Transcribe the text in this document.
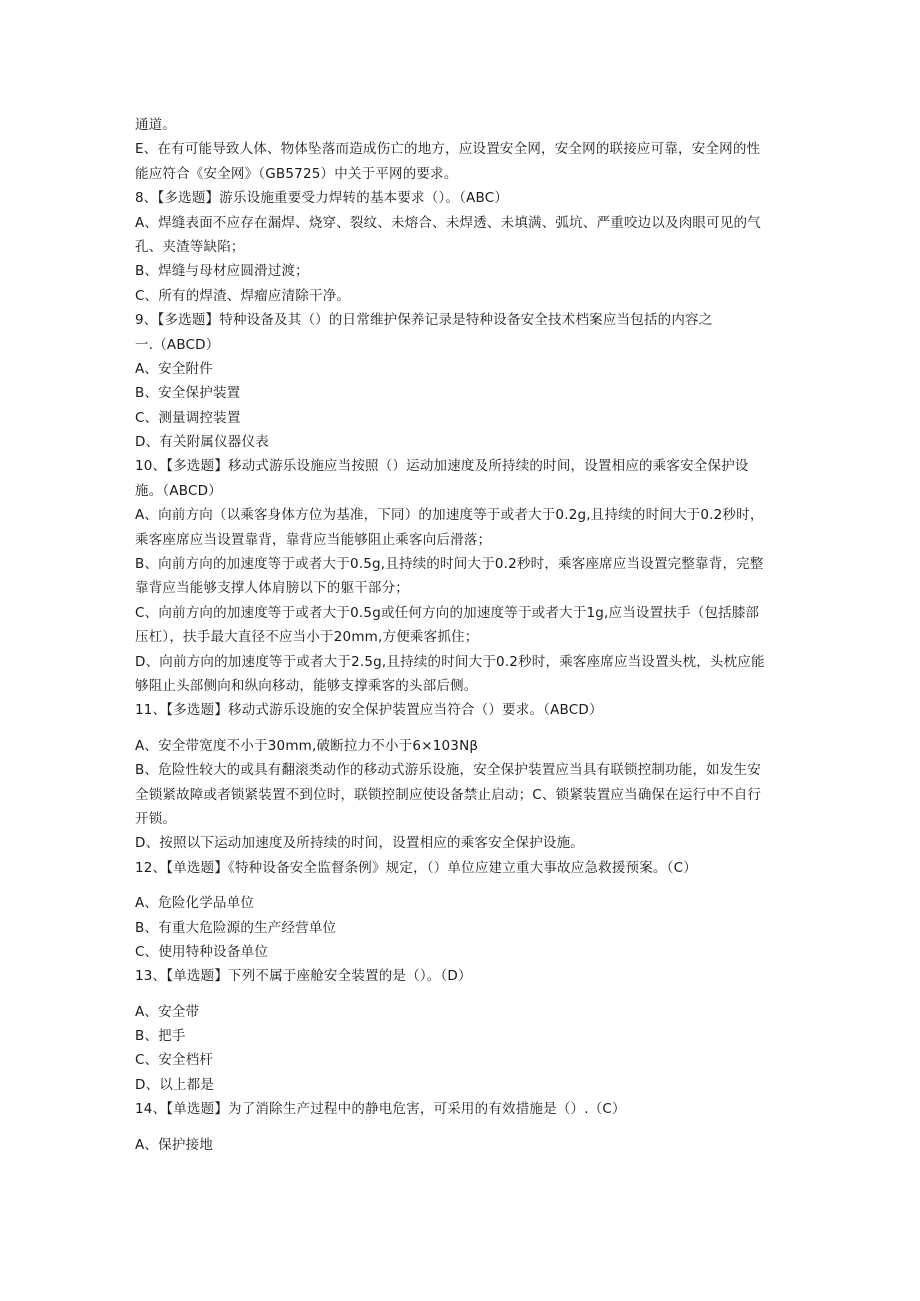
通道。
E、在有可能导致人体、物体坠落而造成伤亡的地方，应设置安全网，安全网的联接应可靠，安全网的性
能应符合《安全网》（GB5725）中关于平网的要求。
8、【多选题】游乐设施重要受力焊转的基本要求（）。（ABC）
A、焊缝表面不应存在漏焊、烧穿、裂纹、未熔合、未焊透、未填满、弧坑、严重咬边以及肉眼可见的气
孔、夹渣等缺陷；
B、焊缝与母材应圆滑过渡；
C、所有的焊渣、焊瘤应清除干净。
9、【多选题】特种设备及其（）的日常维护保养记录是特种设备安全技术档案应当包括的内容之
一.（ABCD）
A、安全附件
B、安全保护装置
C、测量调控装置
D、有关附属仪器仪表
10、【多选题】移动式游乐设施应当按照（）运动加速度及所持续的时间，设置相应的乘客安全保护设
施。（ABCD）
A、向前方向（以乘客身体方位为基准，下同）的加速度等于或者大于0.2g,且持续的时间大于0.2秒时，
乘客座席应当设置靠背，靠背应当能够阻止乘客向后滑落；
B、向前方向的加速度等于或者大于0.5g,且持续的时间大于0.2秒时，乘客座席应当设置完整靠背，完整
靠背应当能够支撑人体肩膀以下的躯干部分；
C、向前方向的加速度等于或者大于0.5g或任何方向的加速度等于或者大于1g,应当设置扶手（包括膝部
压杠），扶手最大直径不应当小于20mm,方便乘客抓住；
D、向前方向的加速度等于或者大于2.5g,且持续的时间大于0.2秒时，乘客座席应当设置头枕，头枕应能
够阻止头部侧向和纵向移动，能够支撑乘客的头部后侧。
11、【多选题】移动式游乐设施的安全保护装置应当符合（）要求。（ABCD）
A、安全带宽度不小于30mm,破断拉力不小于6×103Nβ
B、危险性较大的或具有翻滚类动作的移动式游乐设施，安全保护装置应当具有联锁控制功能，如发生安
全锁紧故障或者锁紧装置不到位时，联锁控制应使设备禁止启动；C、锁紧装置应当确保在运行中不自行
开锁。
D、按照以下运动加速度及所持续的时间，设置相应的乘客安全保护设施。
12、【单选题】《特种设备安全监督条例》规定，（）单位应建立重大事故应急救援预案。（C）
A、危险化学品单位
B、有重大危险源的生产经营单位
C、使用特种设备单位
13、【单选题】下列不属于座舱安全装置的是（）。（D）
A、安全带
B、把手
C、安全档杆
D、以上都是
14、【单选题】为了消除生产过程中的静电危害，可采用的有效措施是（）.（C）
A、保护接地
